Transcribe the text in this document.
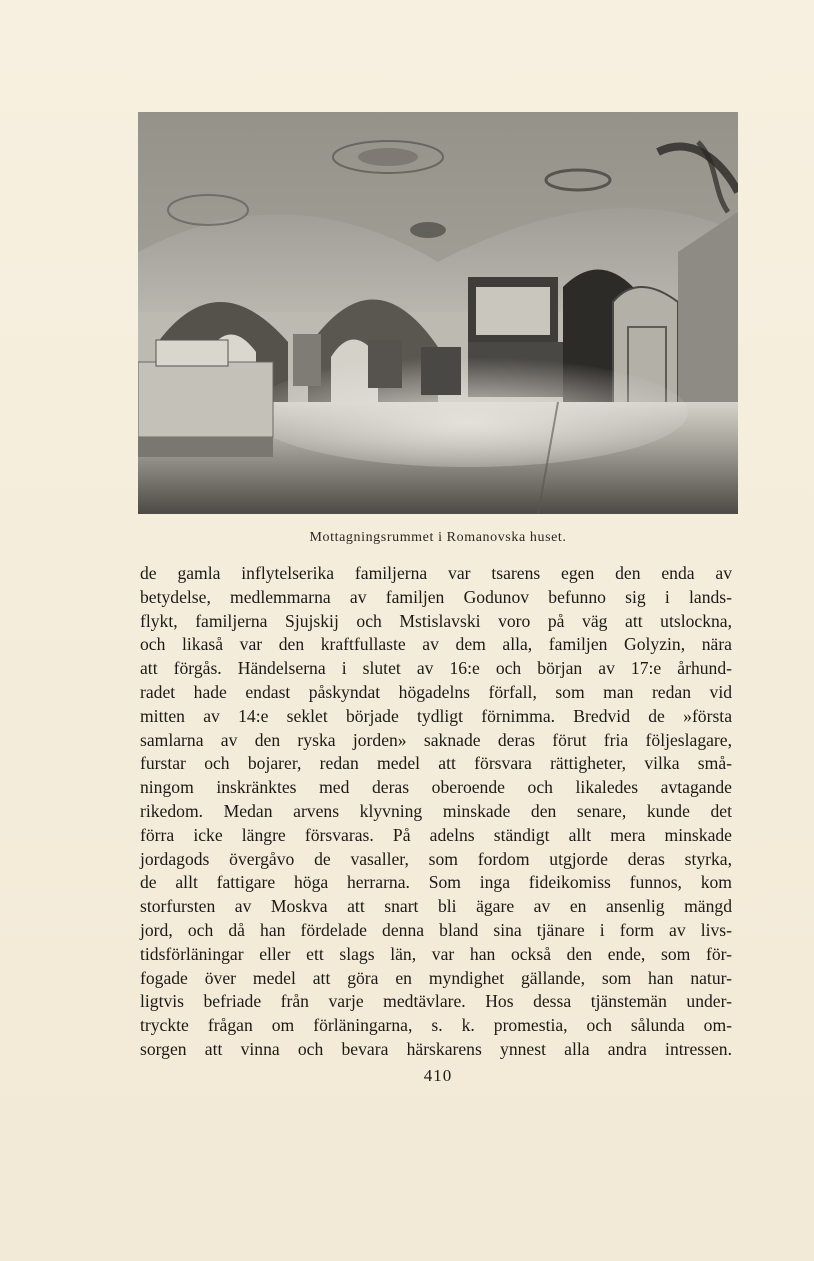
Mottagningsrummet i Romanovska huset.
de gamla inflytelserika familjerna var tsarens egen den enda av
betydelse, medlemmarna av familjen Godunov befunno sig i lands-
flykt, familjerna Sjujskij och Mstislavski voro på väg att utslockna,
och likaså var den kraftfullaste av dem alla, familjen Golyzin, nära
att förgås. Händelserna i slutet av 16:e och början av 17:e århund-
radet hade endast påskyndat högadelns förfall, som man redan vid
mitten av 14:e seklet började tydligt förnimma. Bredvid de »första
samlarna av den ryska jorden» saknade deras förut fria följeslagare,
furstar och bojarer, redan medel att försvara rättigheter, vilka små-
ningom inskränktes med deras oberoende och likaledes avtagande
rikedom. Medan arvens klyvning minskade den senare, kunde det
förra icke längre försvaras. På adelns ständigt allt mera minskade
jordagods övergåvo de vasaller, som fordom utgjorde deras styrka,
de allt fattigare höga herrarna. Som inga fideikomiss funnos, kom
storfursten av Moskva att snart bli ägare av en ansenlig mängd
jord, och då han fördelade denna bland sina tjänare i form av livs-
tidsförläningar eller ett slags län, var han också den ende, som för-
fogade över medel att göra en myndighet gällande, som han natur-
ligtvis befriade från varje medtävlare. Hos dessa tjänstemän under-
tryckte frågan om förläningarna, s. k. promestia, och sålunda om-
sorgen att vinna och bevara härskarens ynnest alla andra intressen.
410
